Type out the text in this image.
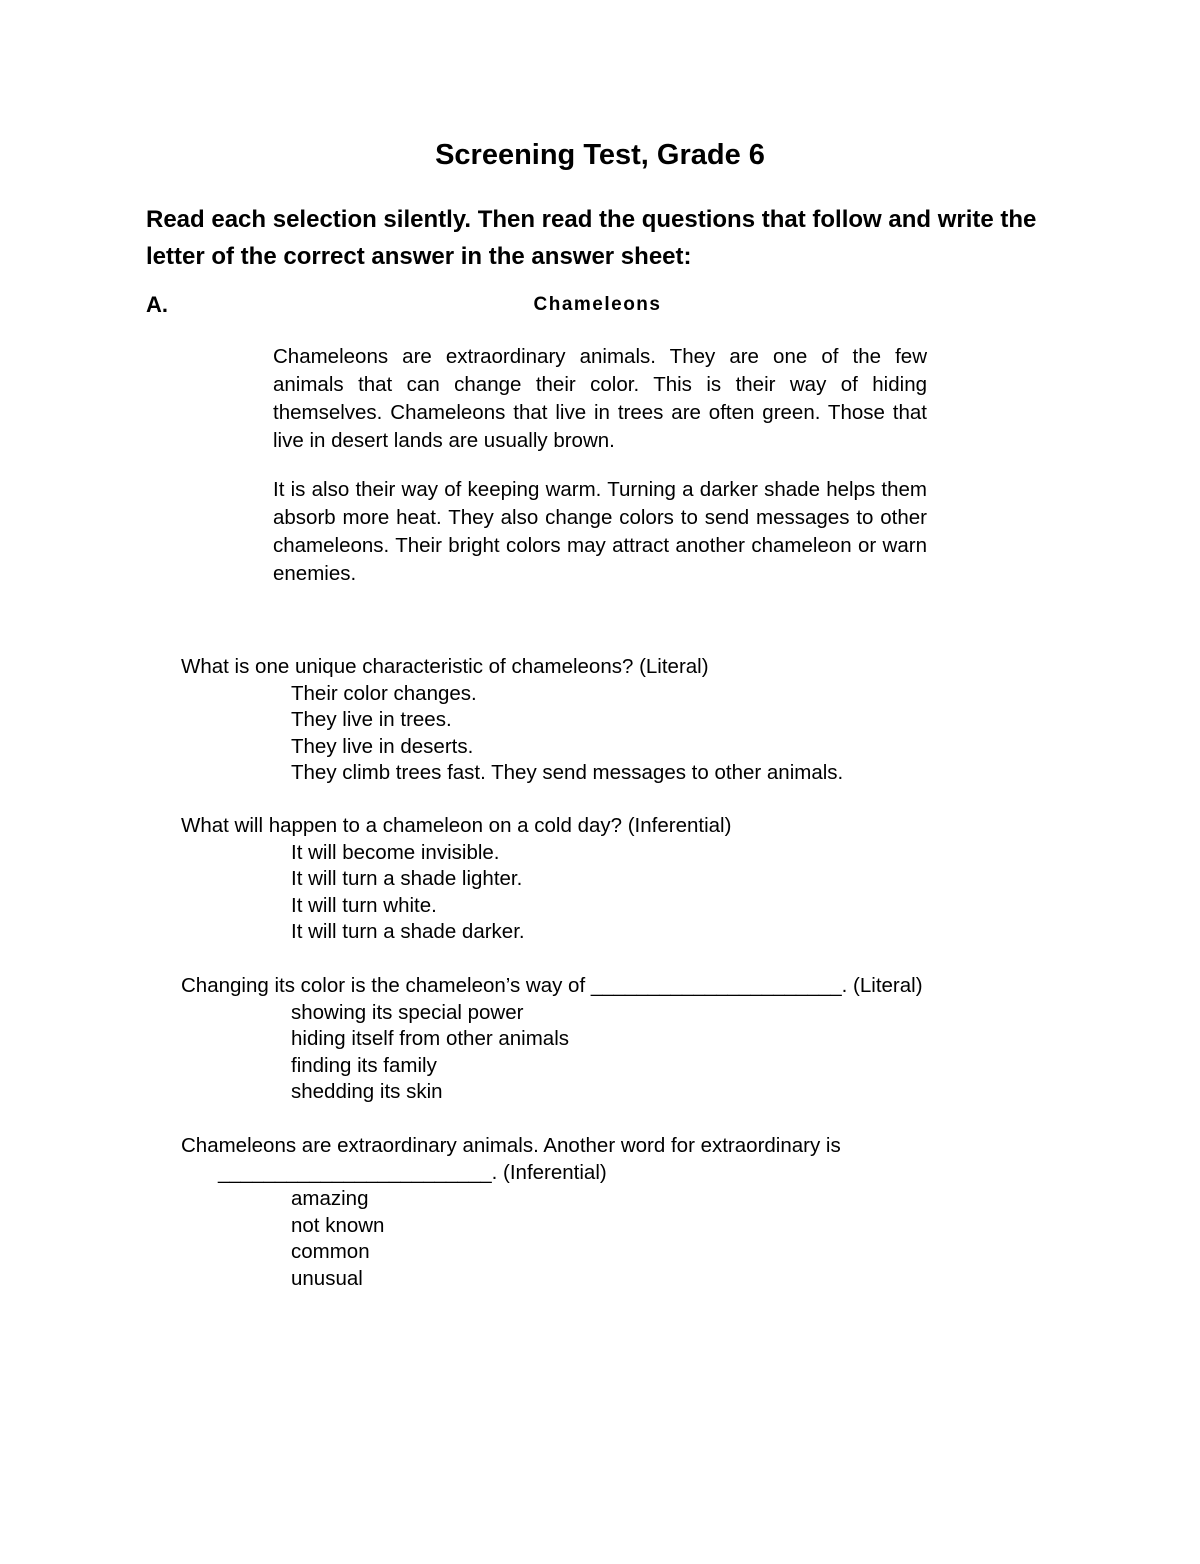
Screening Test, Grade 6
Read each selection silently. Then read the questions that follow and write the letter of the correct answer in the answer sheet:
A.	Chameleons
Chameleons are extraordinary animals. They are one of the few animals that can change their color. This is their way of hiding themselves. Chameleons that live in trees are often green. Those that live in desert lands are usually brown.
It is also their way of keeping warm. Turning a darker shade helps them absorb more heat. They also change colors to send messages to other chameleons. Their bright colors may attract another chameleon or warn enemies.
What is one unique characteristic of chameleons? (Literal)
Their color changes.
They live in trees.
They live in deserts.
They climb trees fast. They send messages to other animals.
What will happen to a chameleon on a cold day? (Inferential)
It will become invisible.
It will turn a shade lighter.
It will turn white.
It will turn a shade darker.
Changing its color is the chameleon’s way of ______________________. (Literal)
showing its special power
hiding itself from other animals
finding its family
shedding its skin
Chameleons are extraordinary animals. Another word for extraordinary is
________________________. (Inferential)
amazing
not known
common
unusual
